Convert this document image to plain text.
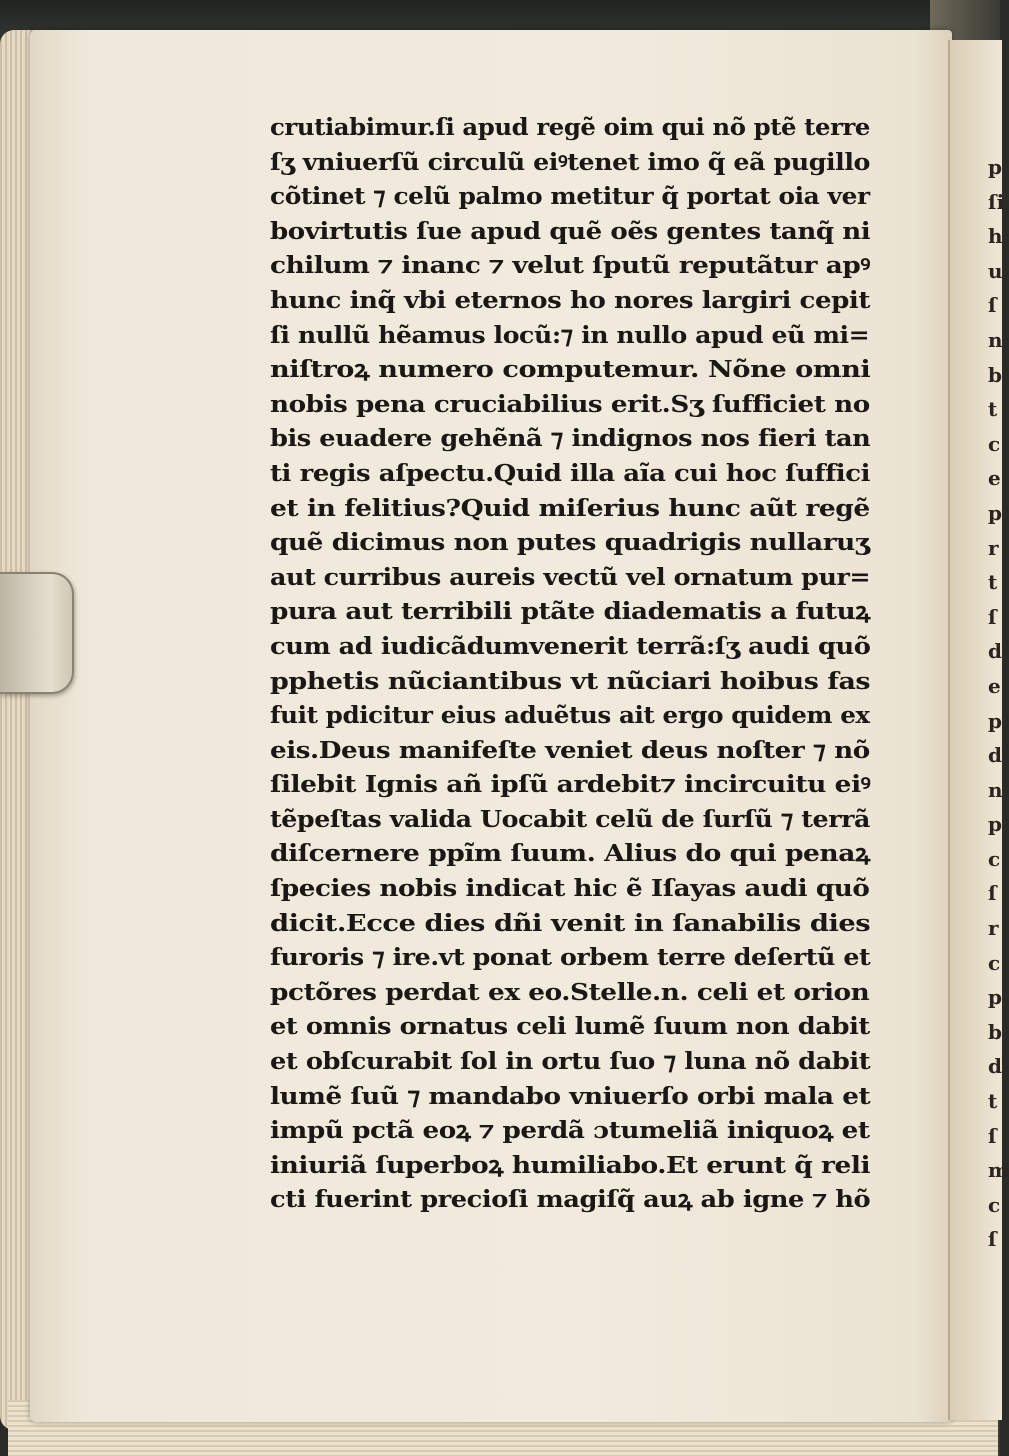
p
ſi
h
u
ſ
n
b
t
c
e
p
r
t
ſ
d
e
p
d
n
p
c
ſ
r
c
p
b
d
t
ſ
m
c
ſ
crutiabimur.ſi apud regẽ oim qui nõ ptẽ terre
ſʒ vniuerſũ circulũ eiꝰtenet imo q̃ eã pugillo
cõtinet ⁊ celũ palmo metitur q̃ portat oia ver
bovirtutis ſue apud quẽ oẽs gentes tanq̃ ni
chilum ⁊ inanc ⁊ velut ſputũ reputãtur apꝰ
hunc inq̃ vbi eternos ho nores largiri cepit
ſi nullũ hẽamus locũ:⁊ in nullo apud eũ mi=
niſtroꝝ numero computemur. Nõne omni
nobis pena cruciabilius erit.Sʒ ſufficiet no
bis euadere gehẽnã ⁊ indignos nos fieri tan
ti regis aſpectu.Quid illa aĩa cui hoc ſuffici
et in felitius?Quid miſerius hunc aũt regẽ
quẽ dicimus non putes quadrigis nullaruʒ
aut curribus aureis vectũ vel ornatum pur=
pura aut terribili ptãte diadematis a futuꝝ
cum ad iudicãdumvenerit terrã:ſʒ audi quõ
pphetis nũciantibus vt nũciari hoibus fas
fuit pdicitur eius aduẽtus ait ergo quidem ex
eis.Deus manifeſte veniet deus noſter ⁊ nõ
ſilebit Ignis añ ipſũ ardebit⁊ incircuitu eiꝰ
tẽpeſtas valida Uocabit celũ de ſurſũ ⁊ terrã
diſcernere ppĩm ſuum. Alius do qui penaꝝ
ſpecies nobis indicat hic ẽ Iſayas audi quõ
dicit.Ecce dies dñi venit in ſanabilis dies
furoris ⁊ ire.vt ponat orbem terre deſertũ et
pctõres perdat ex eo.Stelle.n. celi et orion
et omnis ornatus celi lumẽ ſuum non dabit
et obſcurabit ſol in ortu ſuo ⁊ luna nõ dabit
lumẽ ſuũ ⁊ mandabo vniuerſo orbi mala et
impũ pctã eoꝝ ⁊ perdã ɔtumeliã iniquoꝝ et
iniuriã ſuperboꝝ humiliabo.Et erunt q̃ reli
cti fuerint precioſi magiſq̃ auꝝ ab igne ⁊ hõ
